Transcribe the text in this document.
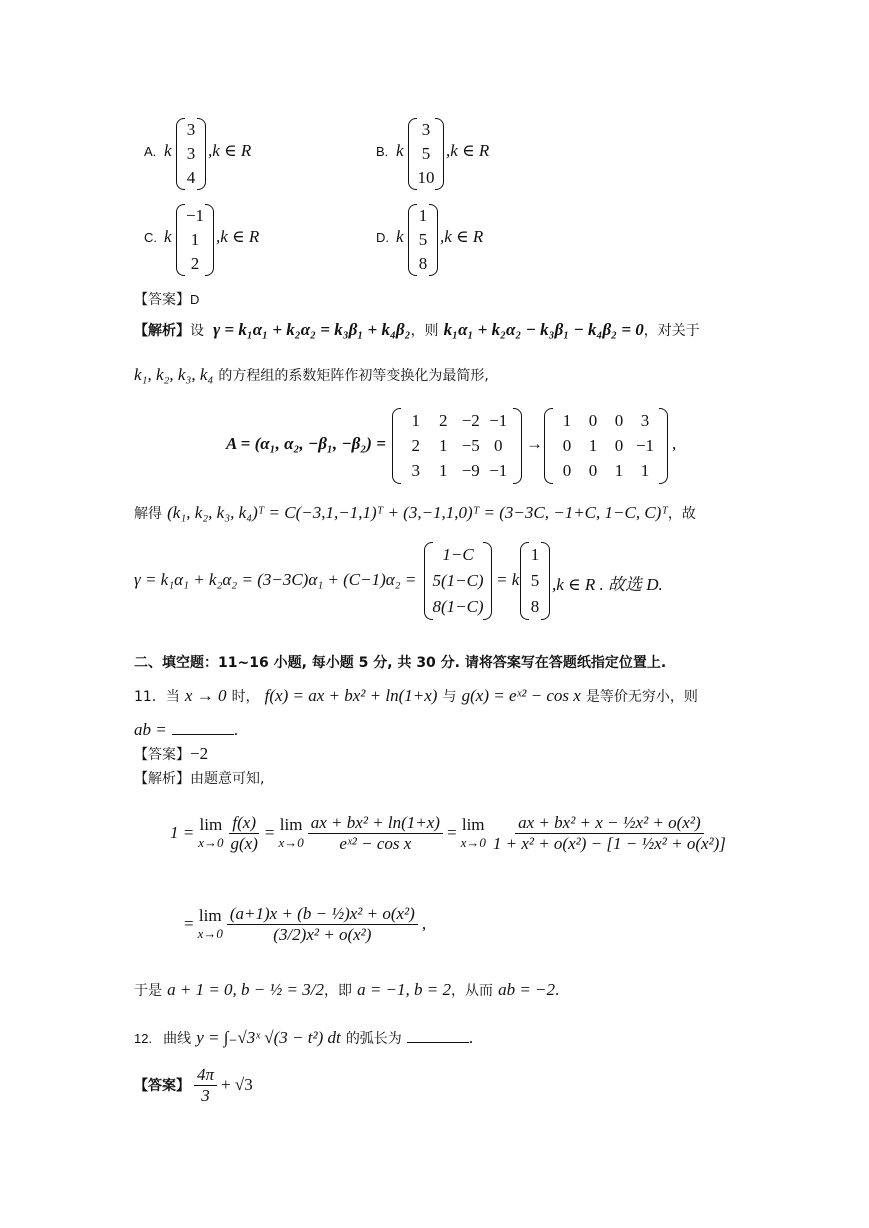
A. k
3
3
4
,k ∈ R	B. k
3
5
10
,k ∈ R
C. k
−1
1
2
,k ∈ R	D. k
1
5
8
,k ∈ R
【答案】D
【解析】设 γ = k₁α₁ + k₂α₂ = k₃β₁ + k₄β₂，则 k₁α₁ + k₂α₂ − k₃β₁ − k₄β₂ = 0，对关于
k₁, k₂, k₃, k₄ 的方程组的系数矩阵作初等变换化为最简形,
A = (α₁, α₂, −β₁, −β₂) =
1 2 −2 −1
2 1 −5 0
3 1 −9 −1
→
1 0 0 3
0 1 0 −1
0 0 1 1
,
解得 (k₁, k₂, k₃, k₄)ᵀ = C(−3,1,−1,1)ᵀ + (3,−1,1,0)ᵀ = (3−3C, −1+C, 1−C, C)ᵀ，故
γ = k₁α₁ + k₂α₂ = (3−3C)α₁ + (C−1)α₂ =
1−C
5(1−C)
8(1−C)
= k
1
5
8
,k ∈ R . 故选 D.
二、填空题：11~16 小题, 每小题 5 分, 共 30 分. 请将答案写在答题纸指定位置上.
11．当 x → 0 时， f(x) = ax + bx² + ln(1+x) 与 g(x) = eˣ² − cos x 是等价无穷小，则
ab =	.
【答案】−2
【解析】由题意可知,
1 = lim
$x\to 0 \frac{f(x)}{g(x)} = \lim$
$x\to 0 \frac{\text{ax + bx² + ln(1+x)}}{\text{eˣ² − cos x}} = \lim$
$x\to 0 \frac{\text{ax + bx² + x − ½x² + o(x²)}}{\text{1 + x² + o(x²) − [1 − ½x² + o(x²)]}}$
= lim
$x\to 0 \frac{\text{(a+1)x + (b − ½)x² + o(x²)}}{\text{(3/2)x² + o(x²)}}$ ,
于是 a + 1 = 0, b − ½ = 3/2，即 a = −1, b = 2，从而 ab = −2.
12. 曲线 y = ∫₋√3ˣ √(3 − t²) dt 的弧长为	.
【答案】 $\frac{4\pi}{3} + √3$
